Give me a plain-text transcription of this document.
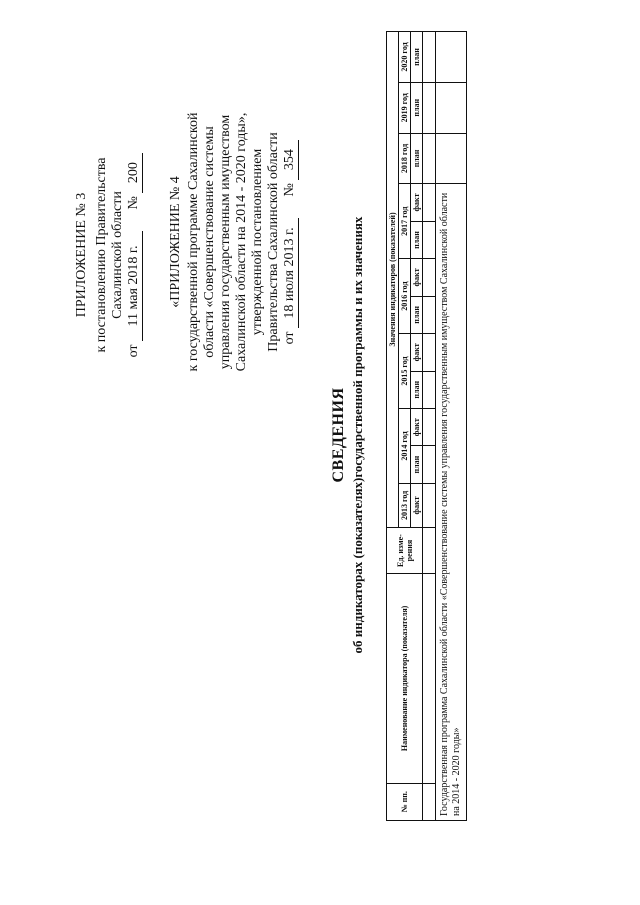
ПРИЛОЖЕНИЕ № 3 к постановлению Правительства Сахалинской области
от 11 мая 2018 г. № 200
«ПРИЛОЖЕНИЕ № 4 к государственной программе Сахалинской области «Совершенствование системы управления государственным имуществом Сахалинской области на 2014 - 2020 годы», утвержденной постановлением Правительства Сахалинской области от 18 июля 2013 г. № 354
СВЕДЕНИЯ об индикаторах (показателях)государственной программы и их значениях
№ пп.	Наименование индикатора (показателя)	Ед. изме-рения	Значения индикаторов (показателей)											
			2013 год	2014 год		2015 год		2016 год		2017 год		2018 год	2019 год	2020 год
			факт	план	факт	план	факт	план	факт	план	факт	план	план	план

Государственная программа Сахалинской области «Совершенствование системы управления государственным имуществом Сахалинской области на 2014 - 2020 годы»														
